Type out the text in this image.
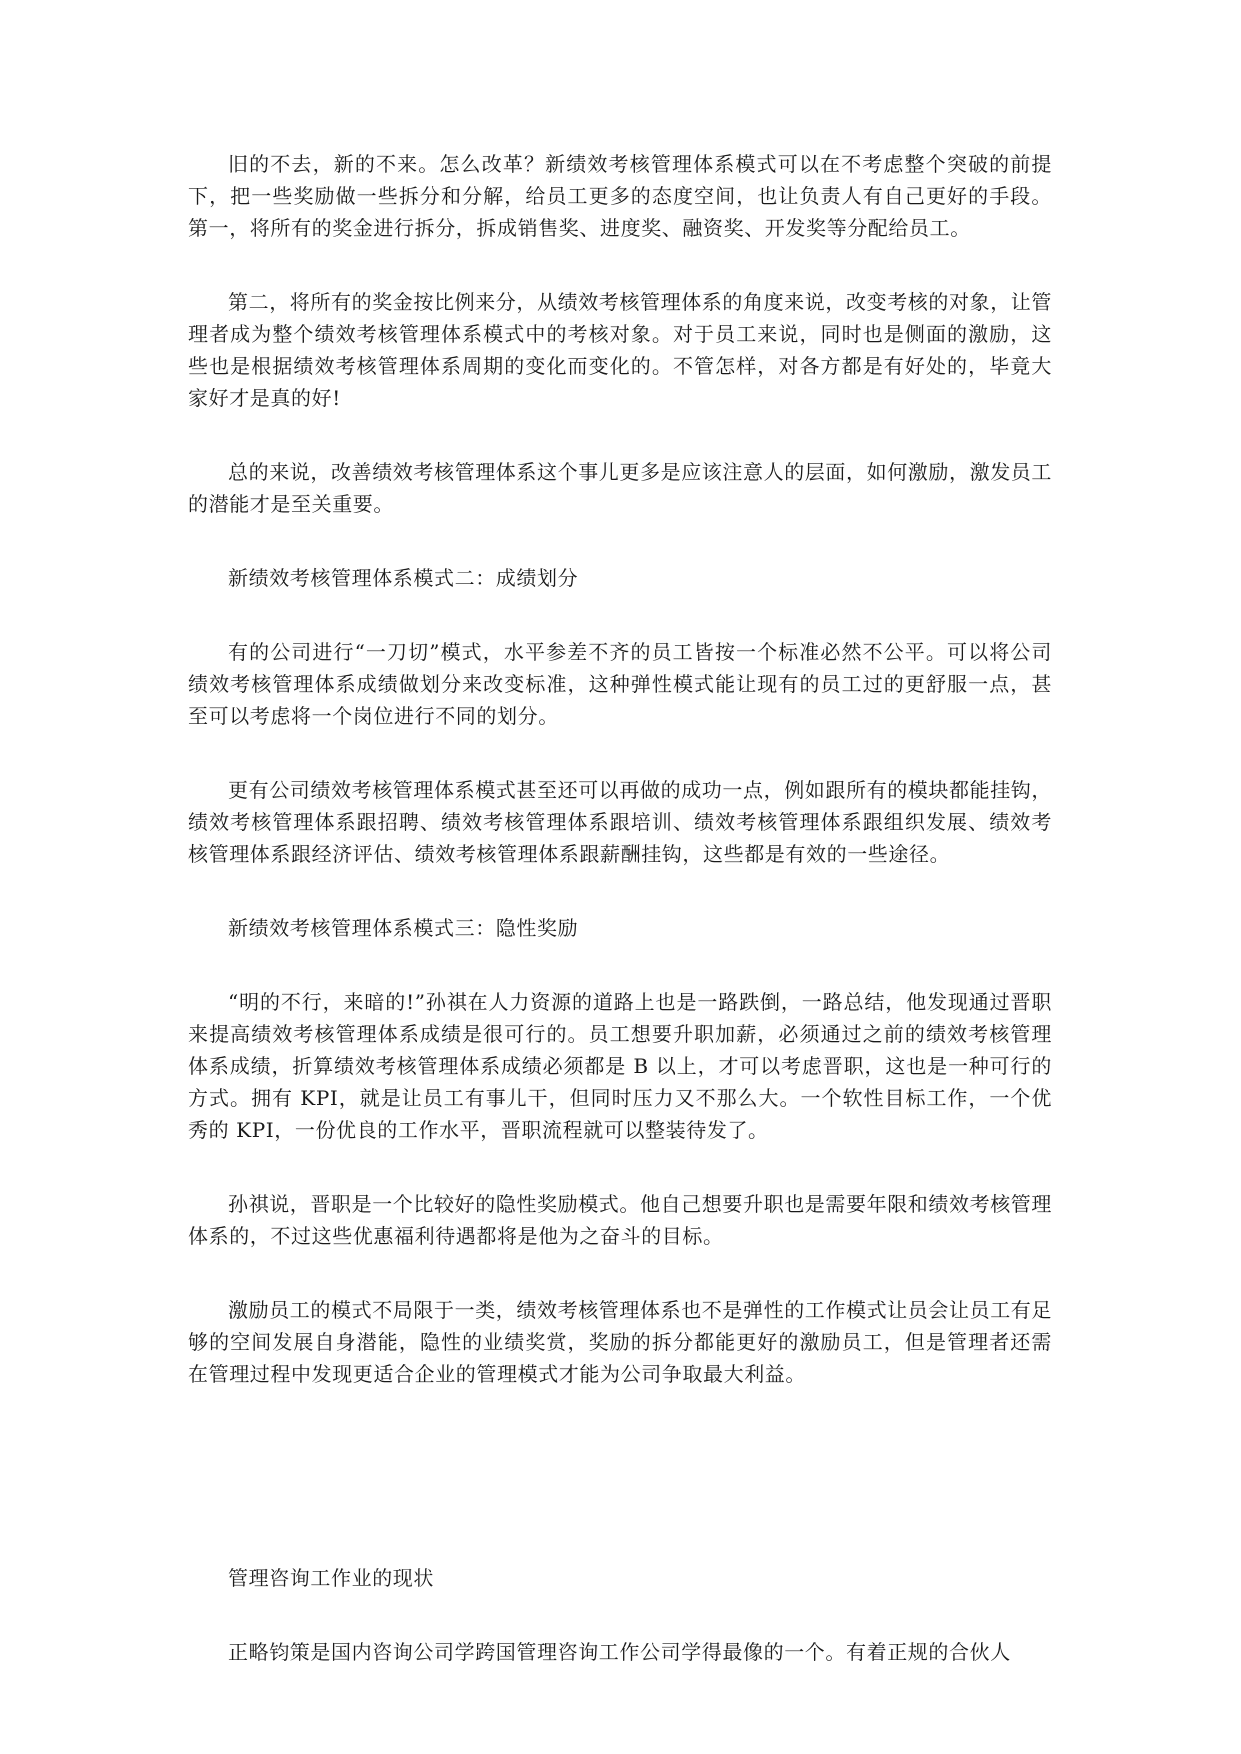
旧的不去，新的不来。怎么改革？新绩效考核管理体系模式可以在不考虑整个突破的前提下，把一些奖励做一些拆分和分解，给员工更多的态度空间，也让负责人有自己更好的手段。第一，将所有的奖金进行拆分，拆成销售奖、进度奖、融资奖、开发奖等分配给员工。

第二，将所有的奖金按比例来分，从绩效考核管理体系的角度来说，改变考核的对象，让管理者成为整个绩效考核管理体系模式中的考核对象。对于员工来说，同时也是侧面的激励，这些也是根据绩效考核管理体系周期的变化而变化的。不管怎样，对各方都是有好处的，毕竟大家好才是真的好!

总的来说，改善绩效考核管理体系这个事儿更多是应该注意人的层面，如何激励，激发员工的潜能才是至关重要。

新绩效考核管理体系模式二：成绩划分

有的公司进行“一刀切”模式，水平参差不齐的员工皆按一个标准必然不公平。可以将公司绩效考核管理体系成绩做划分来改变标准，这种弹性模式能让现有的员工过的更舒服一点，甚至可以考虑将一个岗位进行不同的划分。

更有公司绩效考核管理体系模式甚至还可以再做的成功一点，例如跟所有的模块都能挂钩，绩效考核管理体系跟招聘、绩效考核管理体系跟培训、绩效考核管理体系跟组织发展、绩效考核管理体系跟经济评估、绩效考核管理体系跟薪酬挂钩，这些都是有效的一些途径。

新绩效考核管理体系模式三：隐性奖励

“明的不行，来暗的!”孙祺在人力资源的道路上也是一路跌倒，一路总结，他发现通过晋职来提高绩效考核管理体系成绩是很可行的。员工想要升职加薪，必须通过之前的绩效考核管理体系成绩，折算绩效考核管理体系成绩必须都是 B 以上，才可以考虑晋职，这也是一种可行的方式。拥有 KPI，就是让员工有事儿干，但同时压力又不那么大。一个软性目标工作，一个优秀的 KPI，一份优良的工作水平，晋职流程就可以整装待发了。

孙祺说，晋职是一个比较好的隐性奖励模式。他自己想要升职也是需要年限和绩效考核管理体系的，不过这些优惠福利待遇都将是他为之奋斗的目标。

激励员工的模式不局限于一类，绩效考核管理体系也不是弹性的工作模式让员会让员工有足够的空间发展自身潜能，隐性的业绩奖赏，奖励的拆分都能更好的激励员工，但是管理者还需在管理过程中发现更适合企业的管理模式才能为公司争取最大利益。

管理咨询工作业的现状

正略钧策是国内咨询公司学跨国管理咨询工作公司学得最像的一个。有着正规的合伙人
